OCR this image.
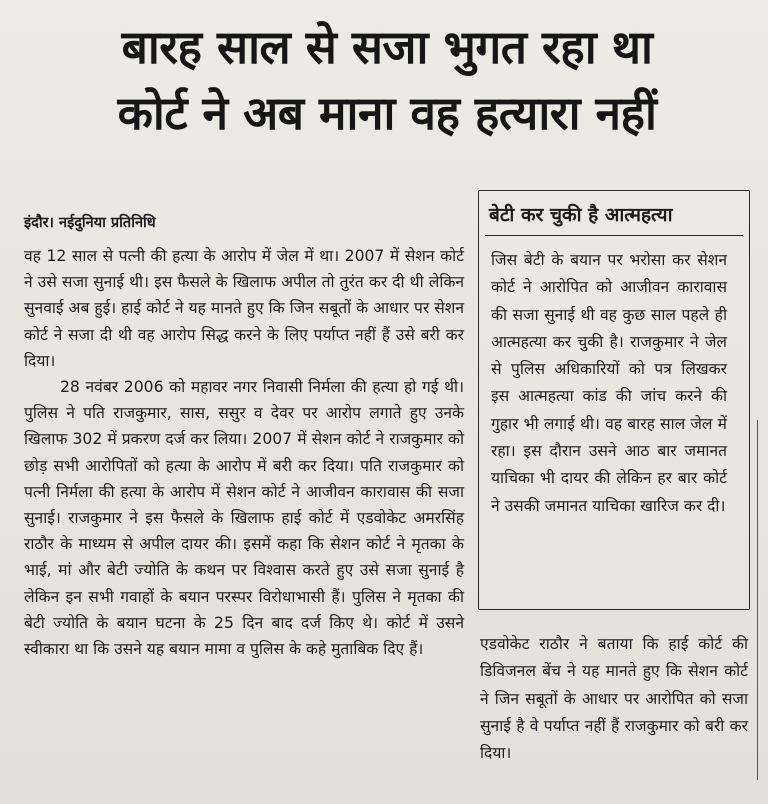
बारह साल से सजा भुगत रहा था
कोर्ट ने अब माना वह हत्यारा नहीं
इंदौर। नईदुनिया प्रतिनिधि

वह 12 साल से पत्नी की हत्या के आरोप में जेल में था। 2007 में सेशन कोर्ट ने उसे सजा सुनाई थी। इस फैसले के खिलाफ अपील तो तुरंत कर दी थी लेकिन सुनवाई अब हुई। हाई कोर्ट ने यह मानते हुए कि जिन सबूतों के आधार पर सेशन कोर्ट ने सजा दी थी वह आरोप सिद्ध करने के लिए पर्याप्त नहीं हैं उसे बरी कर दिया।

28 नवंबर 2006 को महावर नगर निवासी निर्मला की हत्या हो गई थी। पुलिस ने पति राजकुमार, सास, ससुर व देवर पर आरोप लगाते हुए उनके खिलाफ 302 में प्रकरण दर्ज कर लिया। 2007 में सेशन कोर्ट ने राजकुमार को छोड़ सभी आरोपितों को हत्या के आरोप में बरी कर दिया। पति राजकुमार को पत्नी निर्मला की हत्या के आरोप में सेशन कोर्ट ने आजीवन कारावास की सजा सुनाई। राजकुमार ने इस फैसले के खिलाफ हाई कोर्ट में एडवोकेट अमरसिंह राठौर के माध्यम से अपील दायर की। इसमें कहा कि सेशन कोर्ट ने मृतका के भाई, मां और बेटी ज्योति के कथन पर विश्वास करते हुए उसे सजा सुनाई है लेकिन इन सभी गवाहों के बयान परस्पर विरोधाभासी हैं। पुलिस ने मृतका की बेटी ज्योति के बयान घटना के 25 दिन बाद दर्ज किए थे। कोर्ट में उसने स्वीकारा था कि उसने यह बयान मामा व पुलिस के कहे मुताबिक दिए हैं।

बेटी कर चुकी है आत्महत्या
जिस बेटी के बयान पर भरोसा कर सेशन कोर्ट ने आरोपित को आजीवन कारावास की सजा सुनाई थी वह कुछ साल पहले ही आत्महत्या कर चुकी है। राजकुमार ने जेल से पुलिस अधिकारियों को पत्र लिखकर इस आत्महत्या कांड की जांच करने की गुहार भी लगाई थी। वह बारह साल जेल में रहा। इस दौरान उसने आठ बार जमानत याचिका भी दायर की लेकिन हर बार कोर्ट ने उसकी जमानत याचिका खारिज कर दी।
एडवोकेट राठौर ने बताया कि हाई कोर्ट की डिविजनल बेंच ने यह मानते हुए कि सेशन कोर्ट ने जिन सबूतों के आधार पर आरोपित को सजा सुनाई है वे पर्याप्त नहीं हैं राजकुमार को बरी कर दिया।
